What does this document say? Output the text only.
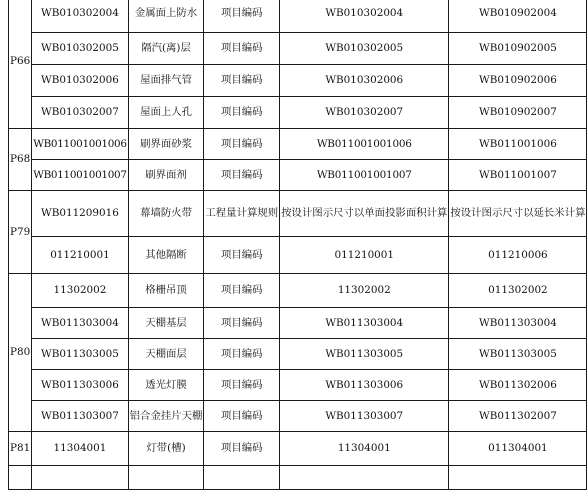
P66	WB010302004	金属面上防水	项目编码	WB010302004	WB010902004
	WB010302005	隔汽(离)层	项目编码	WB010302005	WB010902005
	WB010302006	屋面排气管	项目编码	WB010302006	WB010902006
	WB010302007	屋面上人孔	项目编码	WB010302007	WB010902007
P68	WB011001001006	刷界面砂浆	项目编码	WB011001001006	WB011001006
	WB011001001007	刷界面剂	项目编码	WB011001001007	WB011001007
P79	WB011209016	幕墙防火带	工程量计算规则	按设计图示尺寸以单面投影面积计算	按设计图示尺寸以延长米计算
	011210001	其他隔断	项目编码	011210001	011210006
P80	11302002	格栅吊顶	项目编码	11302002	011302002
	WB011303004	天棚基层	项目编码	WB011303004	WB011303004
	WB011303005	天棚面层	项目编码	WB011303005	WB011303005
	WB011303006	透光灯膜	项目编码	WB011303006	WB011302006
	WB011303007	铝合金挂片天棚	项目编码	WB011303007	WB011302007
P81	11304001	灯带(槽)	项目编码	11304001	011304001
